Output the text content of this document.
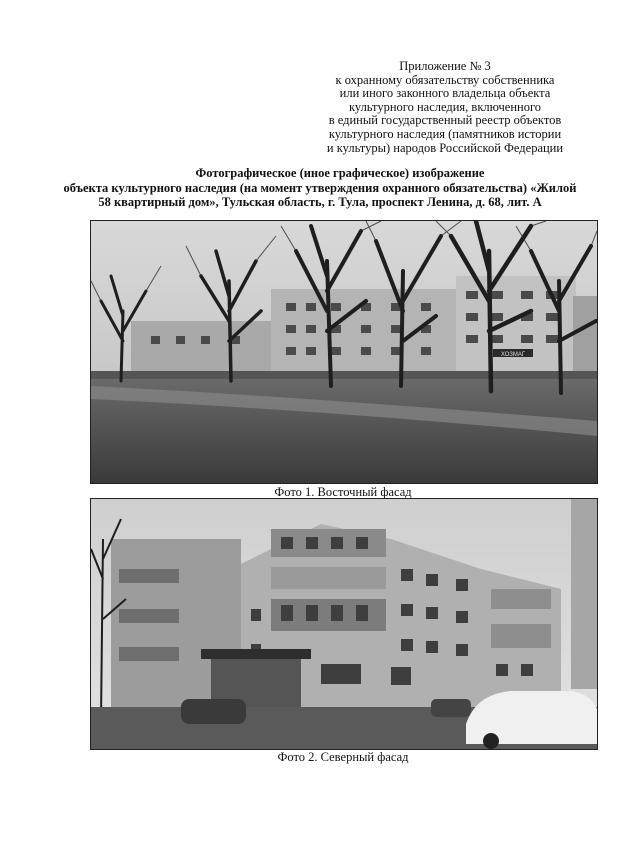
Приложение № 3
к охранному обязательству собственника
или иного законного владельца объекта
культурного наследия, включенного
в единый государственный реестр объектов
культурного наследия (памятников истории
и культуры) народов Российской Федерации
Фотографическое (иное графическое) изображение
объекта культурного наследия (на момент утверждения охранного обязательства) «Жилой
58 квартирный дом», Тульская область, г. Тула, проспект Ленина, д. 68, лит. А
ХОЗМАГ
Фото 1. Восточный фасад
Фото 2. Северный фасад
